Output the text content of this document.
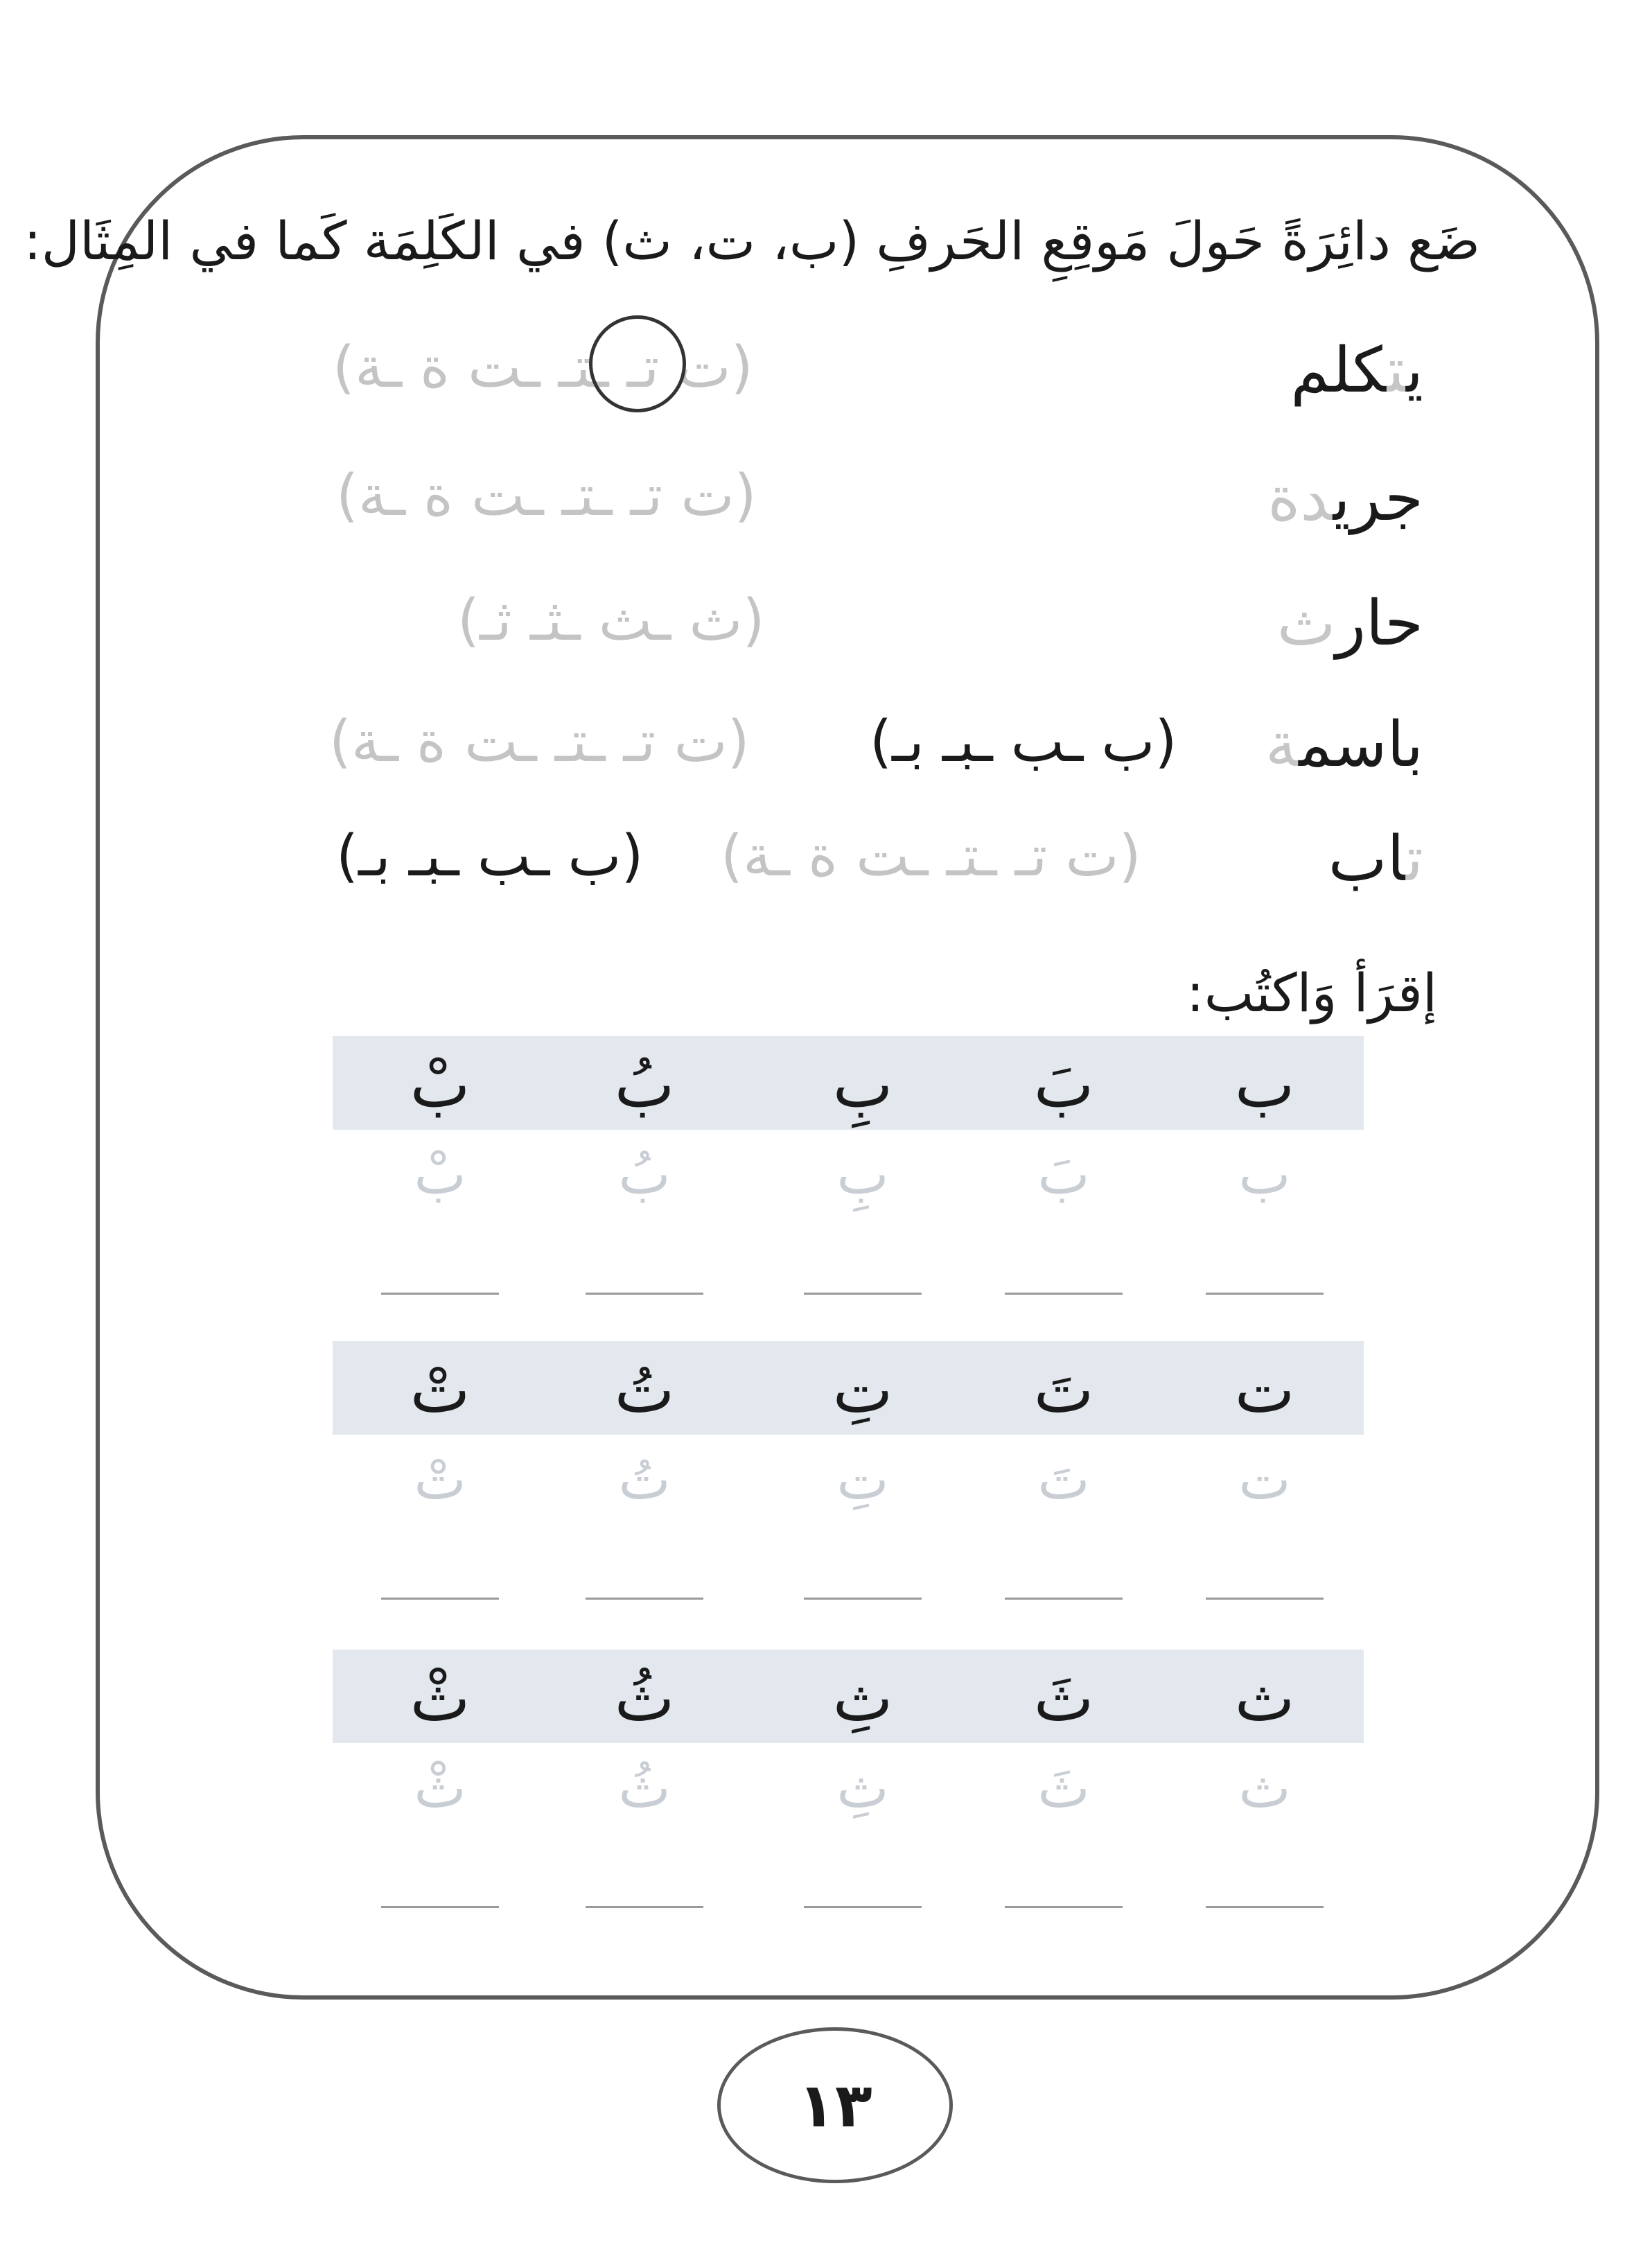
ضَع دائِرَةً حَولَ مَوقِعِ الحَرفِ (ب، ت، ث) في الكَلِمَة كَما في المِثَال:
يتكلم
(ت تـ ـتـ ـت ة ـة)
جريدة
(ت تـ ـتـ ـت ة ـة)
حارث
(ث ـث ـثـ ثـ)
باسمة
(ب ـب ـبـ بـ)
(ت تـ ـتـ ـت ة ـة)
تاب
(ت تـ ـتـ ـت ة ـة)
(ب ـب ـبـ بـ)
إقرَأ وَاكتُب:
ب
ب
بَ
بَ
بِ
بِ
بُ
بُ
بْ
بْ
ت
ت
تَ
تَ
تِ
تِ
تُ
تُ
تْ
تْ
ث
ث
ثَ
ثَ
ثِ
ثِ
ثُ
ثُ
ثْ
ثْ
١٣
